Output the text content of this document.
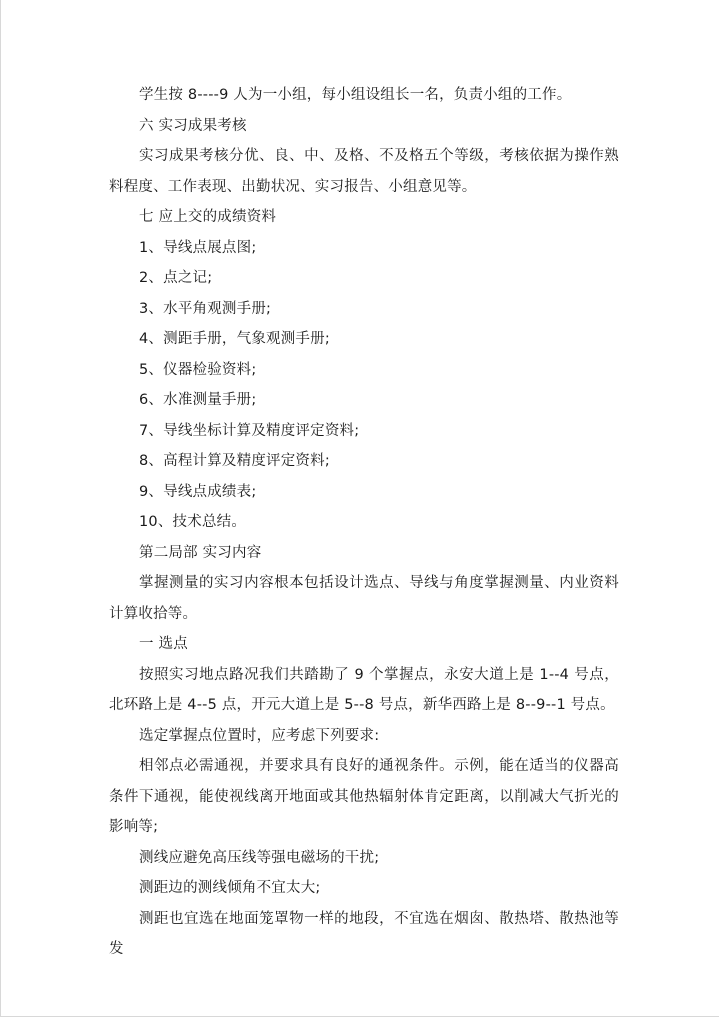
学生按 8----9 人为一小组，每小组设组长一名，负责小组的工作。

六 实习成果考核

实习成果考核分优、良、中、及格、不及格五个等级，考核依据为操作熟料程度、工作表现、出勤状况、实习报告、小组意见等。

七 应上交的成绩资料

1、导线点展点图;

2、点之记;

3、水平角观测手册;

4、测距手册，气象观测手册;

5、仪器检验资料;

6、水准测量手册;

7、导线坐标计算及精度评定资料;

8、高程计算及精度评定资料;

9、导线点成绩表;

10、技术总结。

第二局部 实习内容

掌握测量的实习内容根本包括设计选点、导线与角度掌握测量、内业资料计算收拾等。

一 选点

按照实习地点路况我们共踏勘了 9 个掌握点，永安大道上是 1--4 号点，北环路上是 4--5 点，开元大道上是 5--8 号点，新华西路上是 8--9--1 号点。

选定掌握点位置时，应考虑下列要求:

相邻点必需通视，并要求具有良好的通视条件。示例，能在适当的仪器高条件下通视，能使视线离开地面或其他热辐射体肯定距离，以削减大气折光的影响等;

测线应避免高压线等强电磁场的干扰;

测距边的测线倾角不宜太大;

测距也宜选在地面笼罩物一样的地段，不宜选在烟囱、散热塔、散热池等发
